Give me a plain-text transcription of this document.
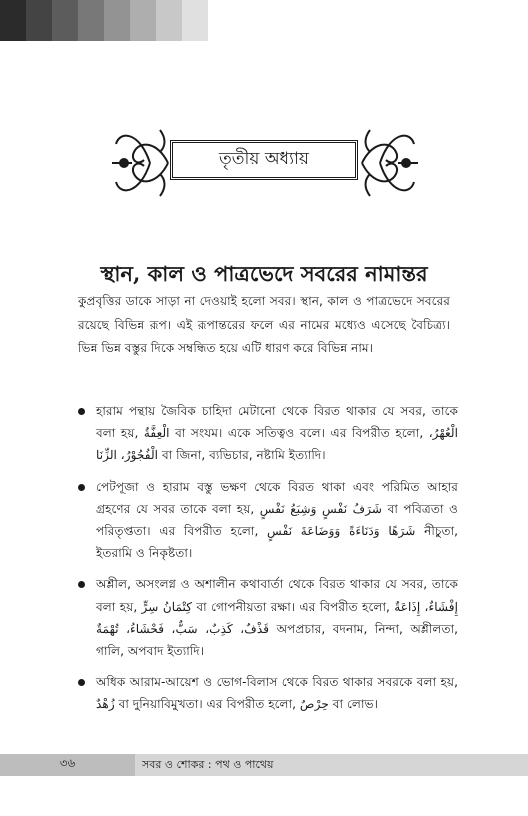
তৃতীয় অধ্যায়
স্থান, কাল ও পাত্রভেদে সবরের নামান্তর

কুপ্রবৃত্তির ডাকে সাড়া না দেওয়াই হলো সবর। স্থান, কাল ও পাত্রভেদে সবরের রয়েছে বিভিন্ন রূপ। এই রূপান্তরের ফলে এর নামের মধ্যেও এসেছে বৈচিত্র্য। ভিন্ন ভিন্ন বস্তুর দিকে সম্বন্ধিত হয়ে এটি ধারণ করে বিভিন্ন নাম।

হারাম পন্থায় জৈবিক চাহিদা মেটানো থেকে বিরত থাকার যে সবর, তাকে বলা হয়, الْعِفَّةُ বা সংযম। একে সতিত্বও বলে। এর বিপরীত হলো, الْعُهْرُ، الْفُجُوْرُ، الزِّنَا বা জিনা, ব্যভিচার, নষ্টামি ইত্যাদি।
পেটপূজা ও হারাম বস্তু ভক্ষণ থেকে বিরত থাকা এবং পরিমিত আহার গ্রহণের যে সবর তাকে বলা হয়, شَرَفُ نَفْسٍ وَشِبَعُ نَفْسٍ বা পবিত্রতা ও পরিতৃপ্ততা। এর বিপরীত হলো, شَرَهًا وَدَنَاءَةً وَوَضَاعَةَ نَفْسٍ নীচুতা, ইতরামি ও নিকৃষ্টতা।
অশ্লীল, অসংলগ্ন ও অশালীন কথাবার্তা থেকে বিরত থাকার যে সবর, তাকে বলা হয়, كِتْمَانُ سِرٍّ বা গোপনীয়তা রক্ষা। এর বিপরীত হলো, إِفْشَاءٌ، إِذَاعَةٌ قَذْفٌ، كَذِبٌ، سَبٌّ، فَحْشَاءُ، تُهْمَةٌ অপপ্রচার, বদনাম, নিন্দা, অশ্লীলতা, গালি, অপবাদ ইত্যাদি।
অধিক আরাম-আয়েশ ও ভোগ-বিলাস থেকে বিরত থাকার সবরকে বলা হয়, زُهْدٌ বা দুনিয়াবিমুখতা। এর বিপরীত হলো, حِرْصٌ বা লোভ।
৩৬	সবর ও শোকর : পথ ও পাথেয়
